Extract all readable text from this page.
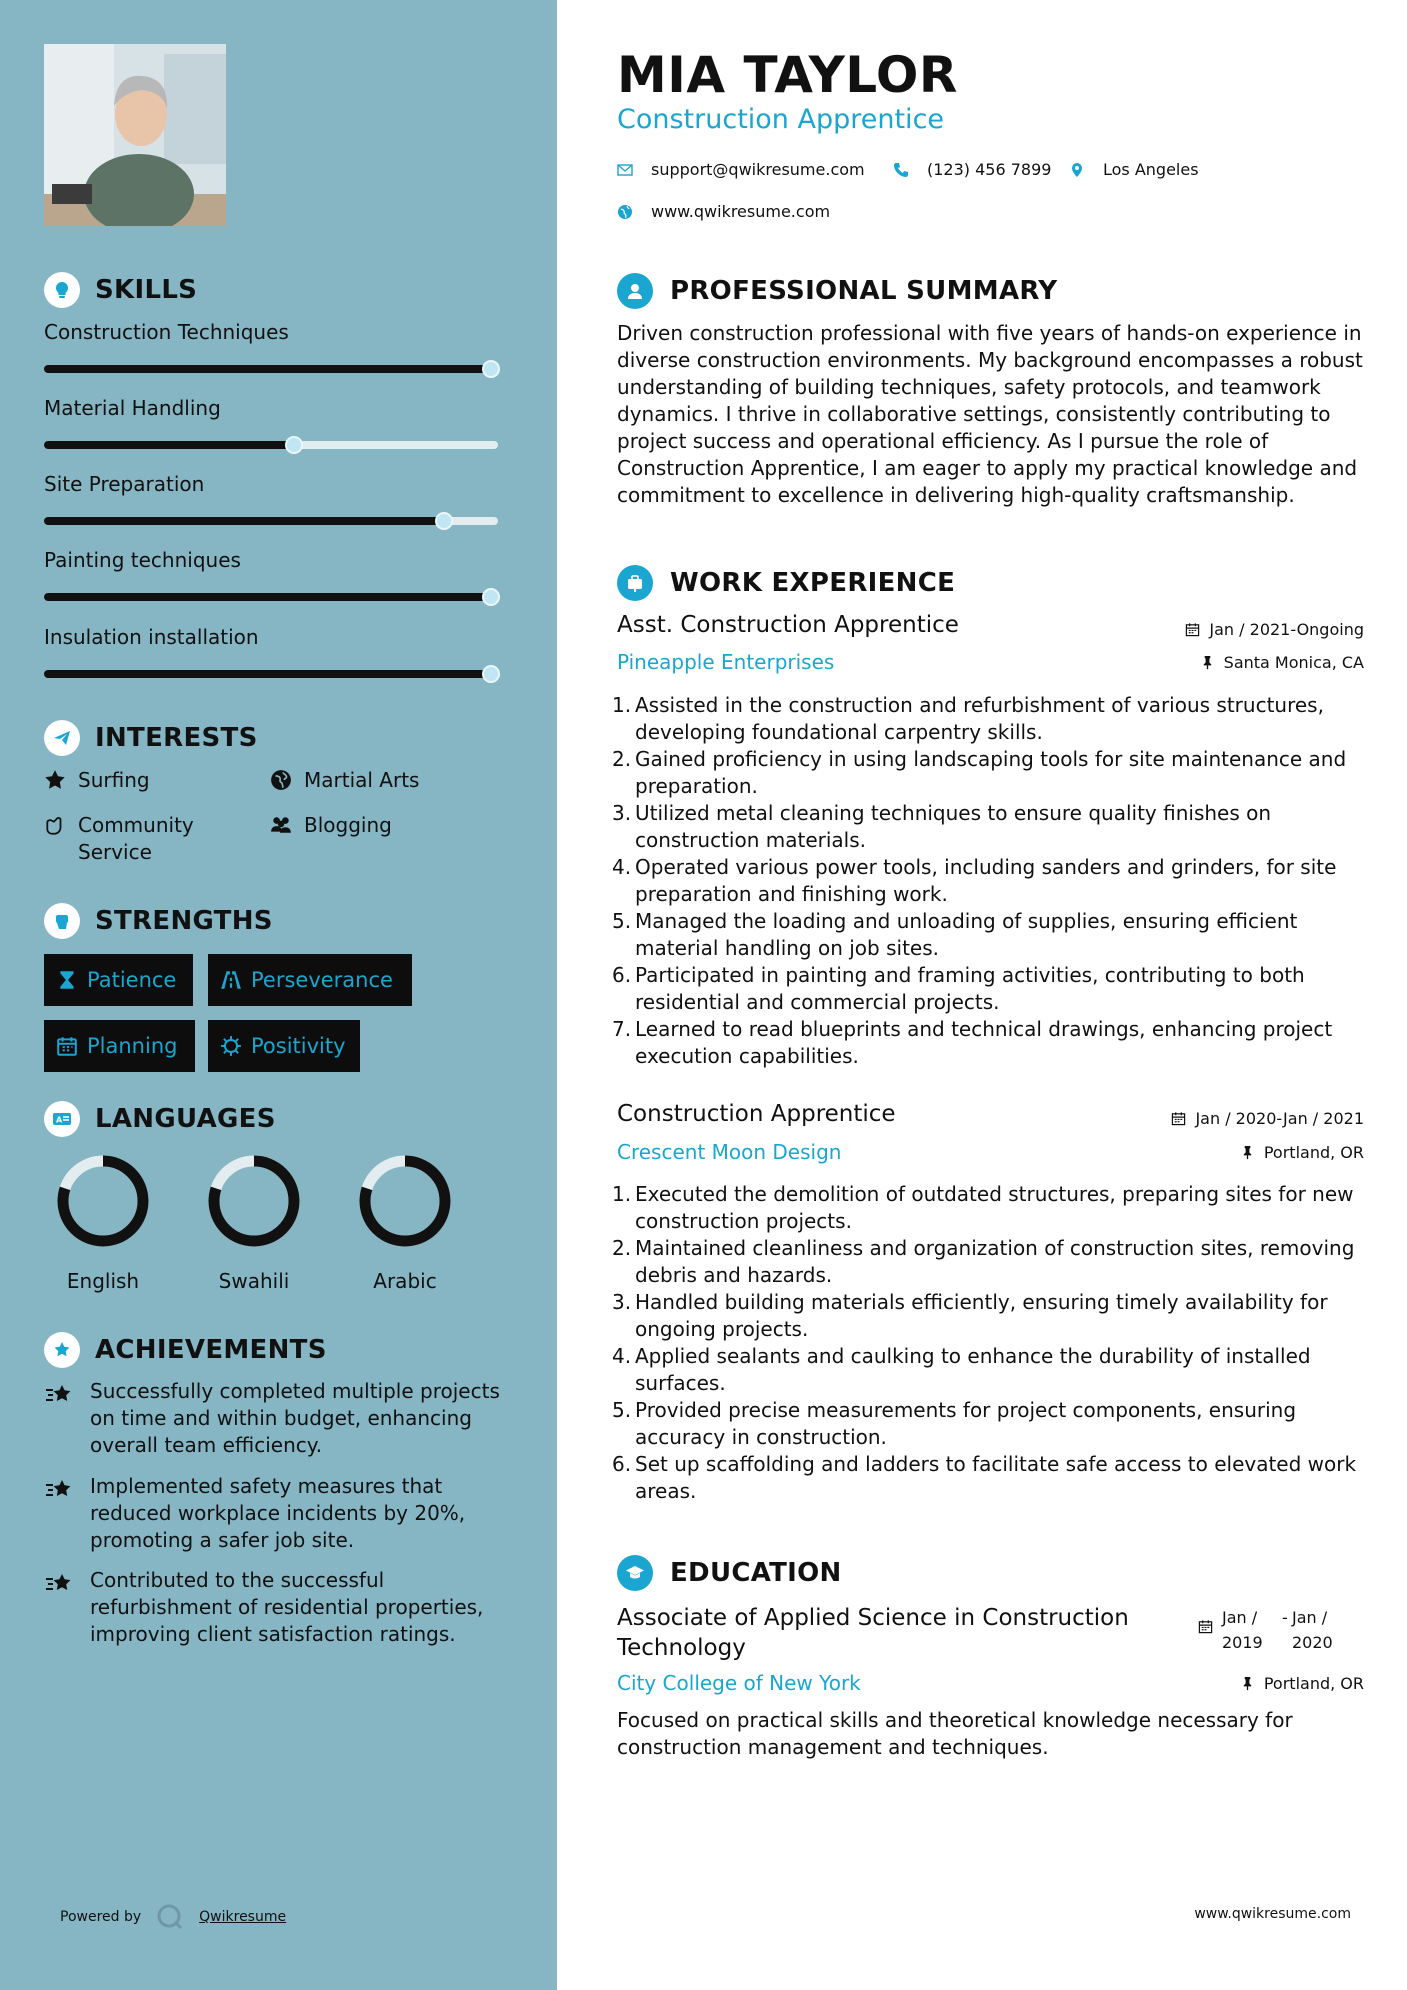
SKILLS
Construction Techniques
Material Handling
Site Preparation
Painting techniques
Insulation installation
INTERESTS
Surfing	Martial Arts
Community Service
Blogging
STRENGTHS
Patience	Perseverance
Planning	Positivity
A LANGUAGES
English	Swahili	Arabic
ACHIEVEMENTS
Successfully completed multiple projects on time and within budget, enhancing overall team efficiency.
Implemented safety measures that reduced workplace incidents by 20%, promoting a safer job site.
Contributed to the successful refurbishment of residential properties, improving client satisfaction ratings.
Powered by	Qwikresume
MIA TAYLOR
Construction Apprentice
support@qwikresume.com	(123) 456 7899	Los Angeles
www.qwikresume.com
PROFESSIONAL SUMMARY
Driven construction professional with five years of hands-on experience in diverse construction environments. My background encompasses a robust understanding of building techniques, safety protocols, and teamwork dynamics. I thrive in collaborative settings, consistently contributing to project success and operational efficiency. As I pursue the role of Construction Apprentice, I am eager to apply my practical knowledge and commitment to excellence in delivering high-quality craftsmanship.
WORK EXPERIENCE
Asst. Construction Apprentice	Jan / 2021-Ongoing
Pineapple Enterprises	Santa Monica, CA
1. Assisted in the construction and refurbishment of various structures, developing foundational carpentry skills.
2. Gained proficiency in using landscaping tools for site maintenance and preparation.
3. Utilized metal cleaning techniques to ensure quality finishes on construction materials.
4. Operated various power tools, including sanders and grinders, for site preparation and finishing work.
5. Managed the loading and unloading of supplies, ensuring efficient material handling on job sites.
6. Participated in painting and framing activities, contributing to both residential and commercial projects.
7. Learned to read blueprints and technical drawings, enhancing project execution capabilities.
Construction Apprentice	Jan / 2020-Jan / 2021
Crescent Moon Design	Portland, OR
1. Executed the demolition of outdated structures, preparing sites for new construction projects.
2. Maintained cleanliness and organization of construction sites, removing debris and hazards.
3. Handled building materials efficiently, ensuring timely availability for ongoing projects.
4. Applied sealants and caulking to enhance the durability of installed surfaces.
5. Provided precise measurements for project components, ensuring accuracy in construction.
6. Set up scaffolding and ladders to facilitate safe access to elevated work areas.
EDUCATION
Associate of Applied Science in Construction Technology
Jan / 2019
- Jan / 2020
City College of New York	Portland, OR
Focused on practical skills and theoretical knowledge necessary for construction management and techniques.
www.qwikresume.com
